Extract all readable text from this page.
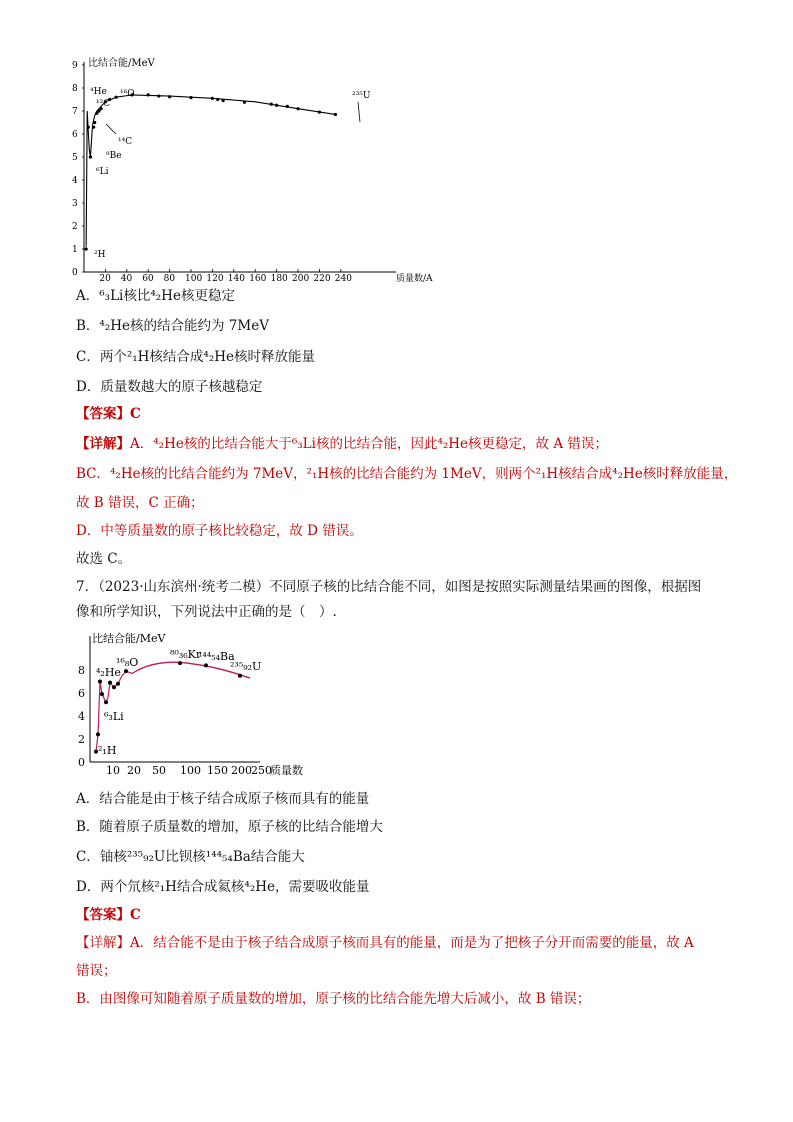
比结合能/MeV
质量数/A
0
1
2
3
4
5
6
7
8
9
20 40 60 80 100 120 140 160 180 200 220 240
⁴He
¹²C
¹⁶O
¹⁴C
⁹Be
⁶Li
²H
²³⁵U
A．⁶₃Li核比⁴₂He核更稳定
B．⁴₂He核的结合能约为 7MeV
C．两个²₁H核结合成⁴₂He核时释放能量
D．质量数越大的原子核越稳定
【答案】C
【详解】A．⁴₂He核的比结合能大于⁶₃Li核的比结合能，因此⁴₂He核更稳定，故 A 错误；
BC．⁴₂He核的比结合能约为 7MeV，²₁H核的比结合能约为 1MeV，则两个²₁H核结合成⁴₂He核时释放能量，
故 B 错误，C 正确；
D．中等质量数的原子核比较稳定，故 D 错误。
故选 C。
7．（2023·山东滨州·统考二模）不同原子核的比结合能不同，如图是按照实际测量结果画的图像，根据图
像和所学知识，下列说法中正确的是（　）.
比结合能/MeV
质量数
0
2
4
6
8
10 20 50 100 150 200 250
⁴₂He
¹⁶₈O
⁸⁰₃₆Kr
¹⁴⁴₅₄Ba
²³⁵₉₂U
⁶₃Li
²₁H
A．结合能是由于核子结合成原子核而具有的能量
B．随着原子质量数的增加，原子核的比结合能增大
C．铀核²³⁵₉₂U比钡核¹⁴⁴₅₄Ba结合能大
D．两个氘核²₁H结合成氦核⁴₂He，需要吸收能量
【答案】C
【详解】A．结合能不是由于核子结合成原子核而具有的能量，而是为了把核子分开而需要的能量，故 A
错误；
B．由图像可知随着原子质量数的增加，原子核的比结合能先增大后减小，故 B 错误；
